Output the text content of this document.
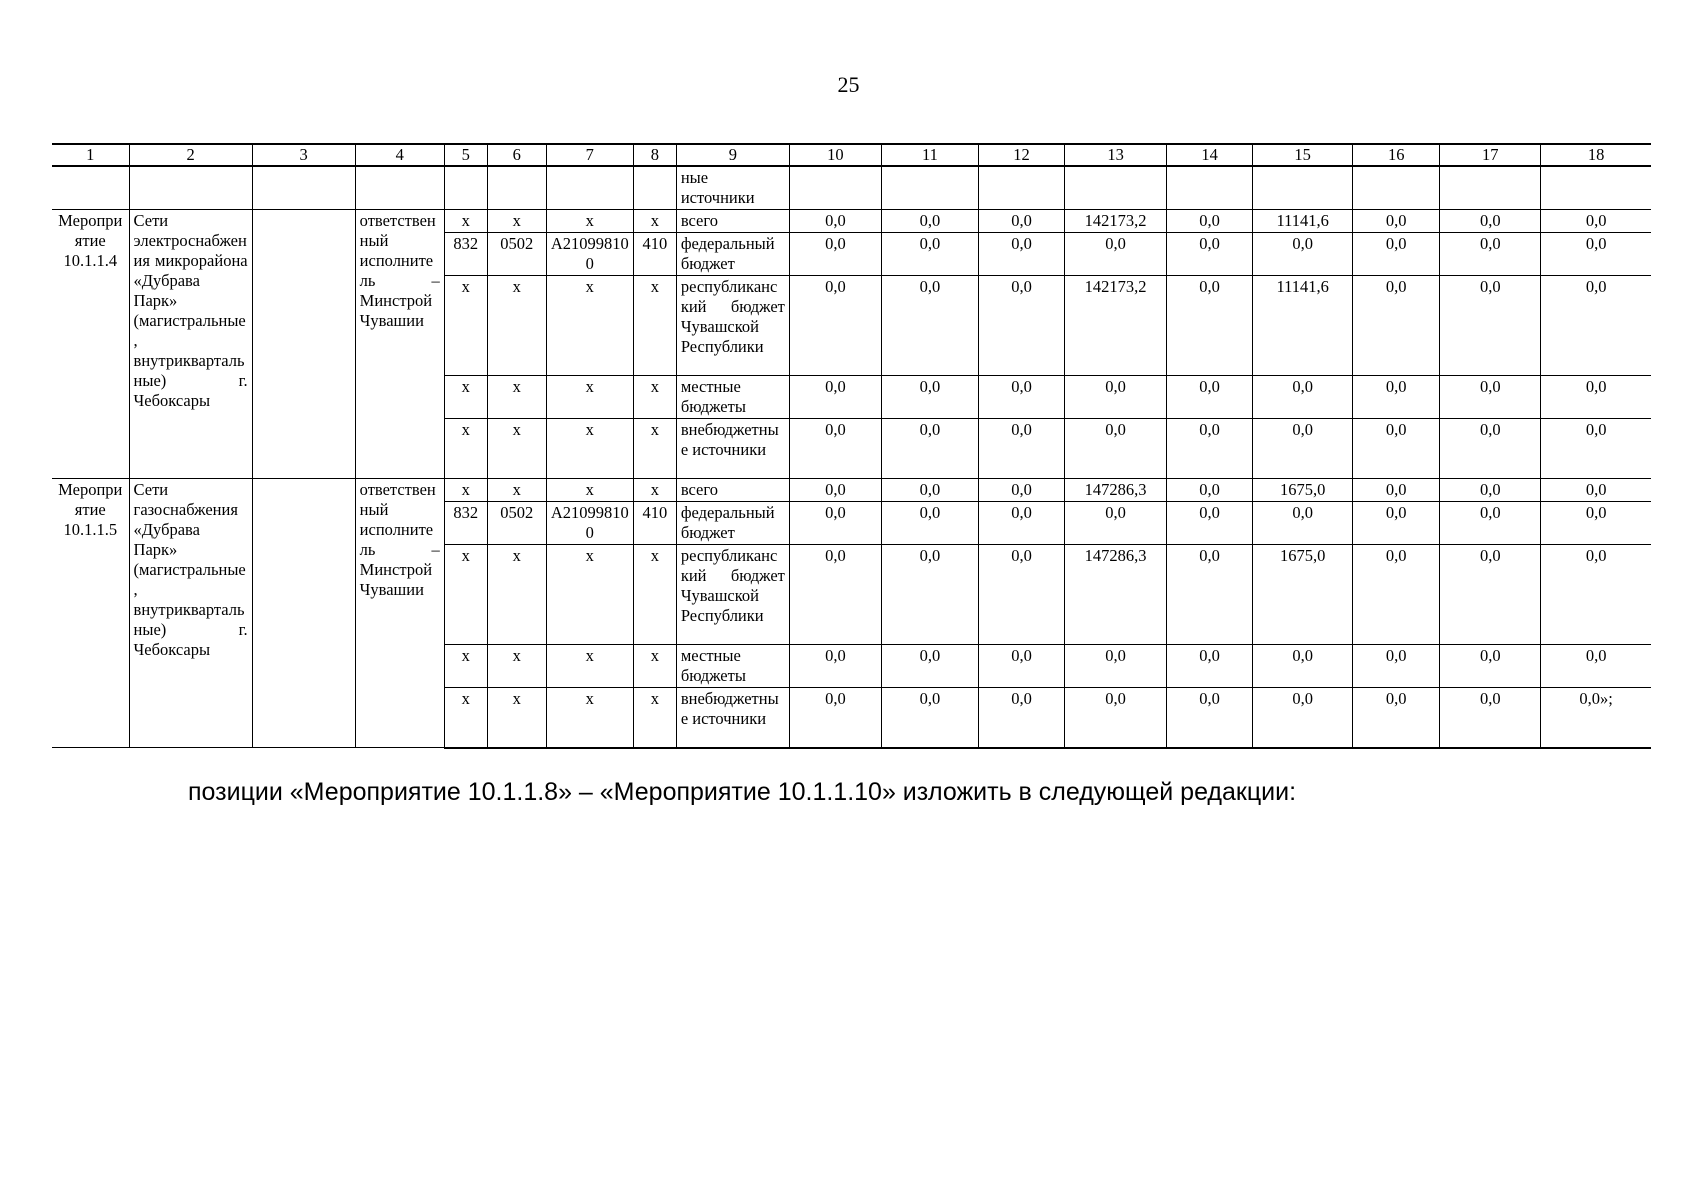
25
1	2	3	4	5	6	7	8	9	10	11	12	13	14	15	16	17	18
								ные источники									
Мероприятие 10.1.1.4	Сети электроснабжения микрорайона «Дубрава Парк» (магистральные, внутриквартальные) г. Чебоксары		ответственный исполнитель – Минстрой Чувашии	x	x	x	x	всего	0,0	0,0	0,0	142173,2	0,0	11141,6	0,0	0,0	0,0
				832	0502	A210998100	410	федеральный бюджет	0,0	0,0	0,0	0,0	0,0	0,0	0,0	0,0	0,0
				x	x	x	x	республиканский бюджет Чувашской Республики	0,0	0,0	0,0	142173,2	0,0	11141,6	0,0	0,0	0,0
				x	x	x	x	местные бюджеты	0,0	0,0	0,0	0,0	0,0	0,0	0,0	0,0	0,0
				x	x	x	x	внебюджетные источники	0,0	0,0	0,0	0,0	0,0	0,0	0,0	0,0	0,0
Мероприятие 10.1.1.5	Сети газоснабжения «Дубрава Парк» (магистральные, внутриквартальные) г. Чебоксары		ответственный исполнитель – Минстрой Чувашии	x	x	x	x	всего	0,0	0,0	0,0	147286,3	0,0	1675,0	0,0	0,0	0,0
				832	0502	A210998100	410	федеральный бюджет	0,0	0,0	0,0	0,0	0,0	0,0	0,0	0,0	0,0
				x	x	x	x	республиканский бюджет Чувашской Республики	0,0	0,0	0,0	147286,3	0,0	1675,0	0,0	0,0	0,0
				x	x	x	x	местные бюджеты	0,0	0,0	0,0	0,0	0,0	0,0	0,0	0,0	0,0
				x	x	x	x	внебюджетные источники	0,0	0,0	0,0	0,0	0,0	0,0	0,0	0,0	0,0»;
позиции «Мероприятие 10.1.1.8» – «Мероприятие 10.1.1.10» изложить в следующей редакции:
